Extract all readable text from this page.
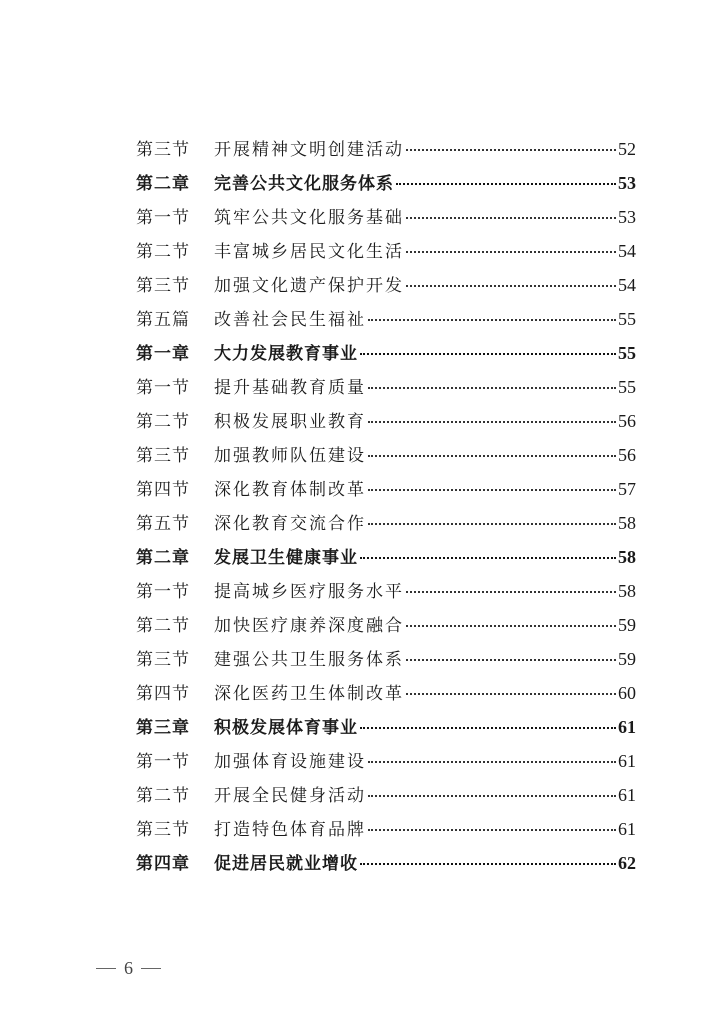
第三节	开展精神文明创建活动	52
第二章	完善公共文化服务体系	53
第一节	筑牢公共文化服务基础	53
第二节	丰富城乡居民文化生活	54
第三节	加强文化遗产保护开发	54
第五篇	改善社会民生福祉	55
第一章	大力发展教育事业	55
第一节	提升基础教育质量	55
第二节	积极发展职业教育	56
第三节	加强教师队伍建设	56
第四节	深化教育体制改革	57
第五节	深化教育交流合作	58
第二章	发展卫生健康事业	58
第一节	提高城乡医疗服务水平	58
第二节	加快医疗康养深度融合	59
第三节	建强公共卫生服务体系	59
第四节	深化医药卫生体制改革	60
第三章	积极发展体育事业	61
第一节	加强体育设施建设	61
第二节	开展全民健身活动	61
第三节	打造特色体育品牌	61
第四章	促进居民就业增收	62
6
